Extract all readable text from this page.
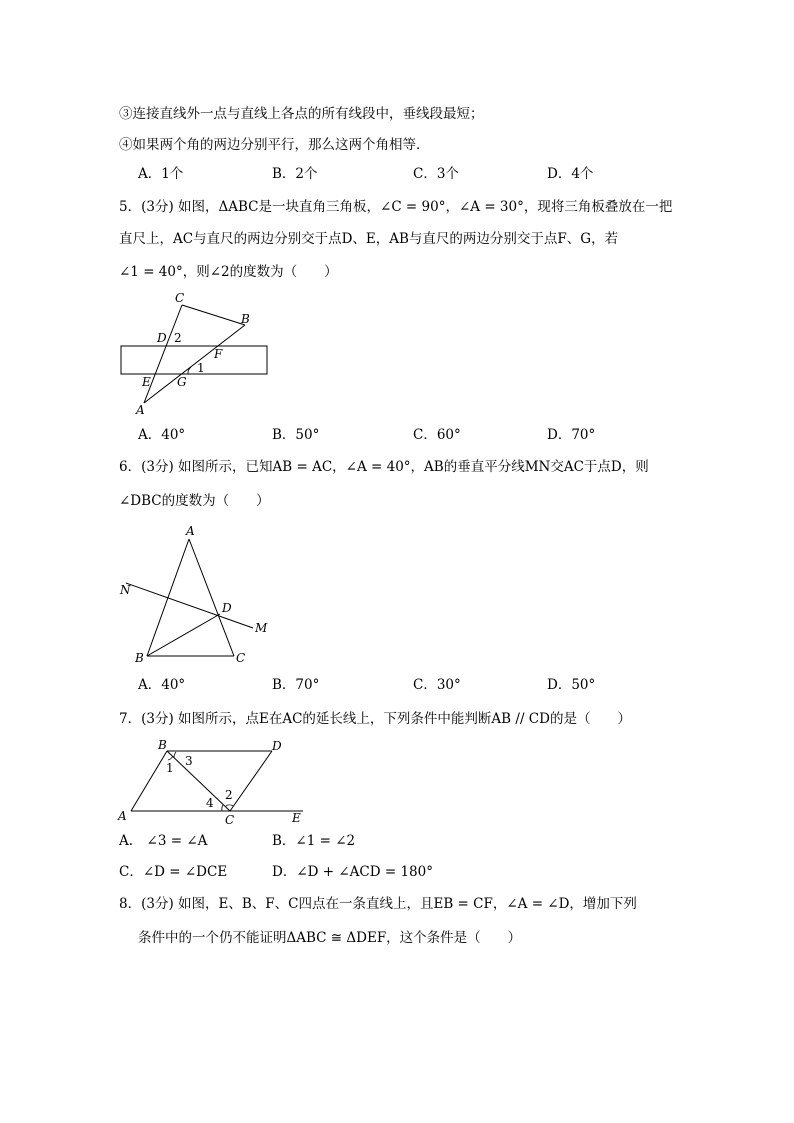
③连接直线外一点与直线上各点的所有线段中，垂线段最短；
④如果两个角的两边分别平行，那么这两个角相等．
A．1个	B．2个	C．3个	D．4个
5．(3分) 如图，ΔABC是一块直角三角板，∠C = 90°，∠A = 30°，现将三角板叠放在一把
直尺上，AC与直尺的两边分别交于点D、E，AB与直尺的两边分别交于点F、G，若
∠1 = 40°，则∠2的度数为（　　）
C
B
D 2
F
E G
1
A
A．40°	B．50°	C．60°	D．70°
6．(3分) 如图所示，已知AB = AC，∠A = 40°，AB的垂直平分线MN交AC于点D，则
∠DBC的度数为（　　）
A
N
D
M
B	C
A．40°	B．70°	C．30°	D．50°
7．(3分) 如图所示，点E在AC的延长线上，下列条件中能判断AB // CD的是（　　）
B	D
1 3
4
2
A	C	E
A.　∠3 = ∠A	B．∠1 = ∠2
C．∠D = ∠DCE	D．∠D + ∠ACD = 180°
8．(3分) 如图，E、B、F、C四点在一条直线上，且EB = CF，∠A = ∠D，增加下列
条件中的一个仍不能证明ΔABC ≅ ΔDEF，这个条件是（　　）
